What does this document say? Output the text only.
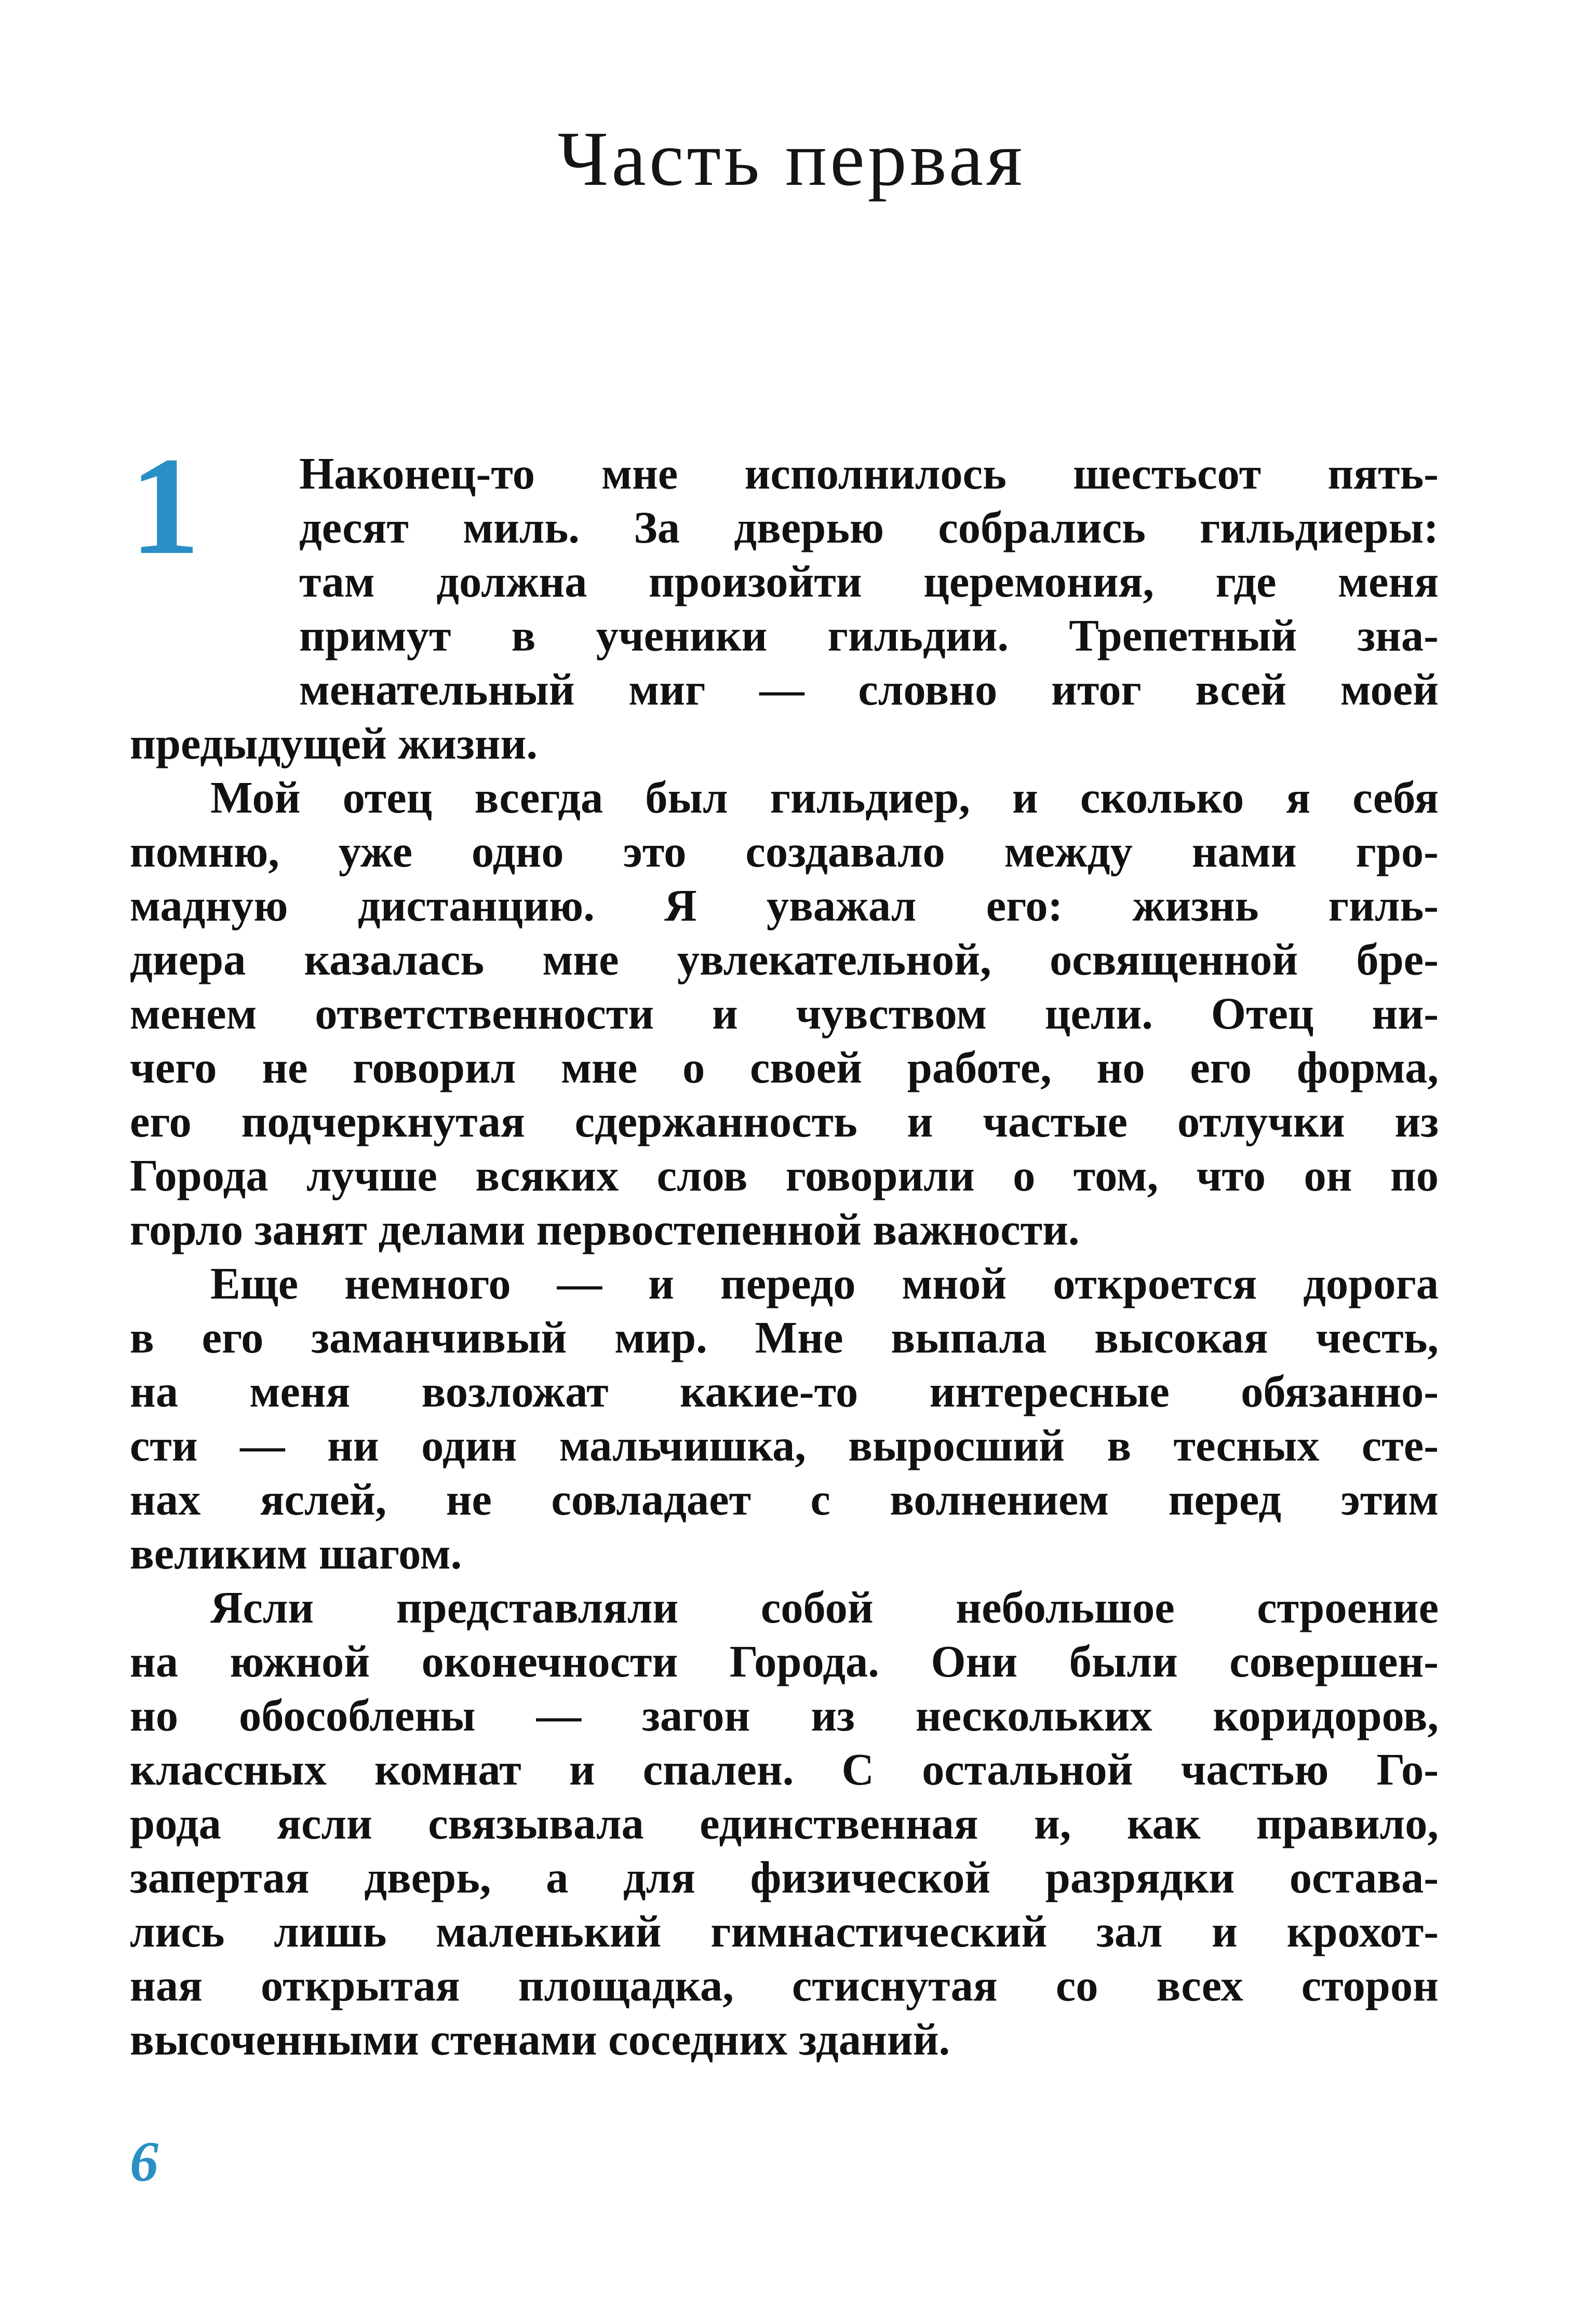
Часть первая
1 Наконец-то мне исполнилось шестьсот пять-
десят миль. За дверью собрались гильдиеры:
там должна произойти церемония, где меня
примут в ученики гильдии. Трепетный зна-
менательный миг — словно итог всей моей
предыдущей жизни.
Мой отец всегда был гильдиер, и сколько я себя
помню, уже одно это создавало между нами гро-
мадную дистанцию. Я уважал его: жизнь гиль-
диера казалась мне увлекательной, освященной бре-
менем ответственности и чувством цели. Отец ни-
чего не говорил мне о своей работе, но его форма,
его подчеркнутая сдержанность и частые отлучки из
Города лучше всяких слов говорили о том, что он по
горло занят делами первостепенной важности.
Еще немного — и передо мной откроется дорога
в его заманчивый мир. Мне выпала высокая честь,
на меня возложат какие-то интересные обязанно-
сти — ни один мальчишка, выросший в тесных сте-
нах яслей, не совладает с волнением перед этим
великим шагом.
Ясли представляли собой небольшое строение
на южной оконечности Города. Они были совершен-
но обособлены — загон из нескольких коридоров,
классных комнат и спален. С остальной частью Го-
рода ясли связывала единственная и, как правило,
запертая дверь, а для физической разрядки остава-
лись лишь маленький гимнастический зал и крохот-
ная открытая площадка, стиснутая со всех сторон
высоченными стенами соседних зданий.
6
